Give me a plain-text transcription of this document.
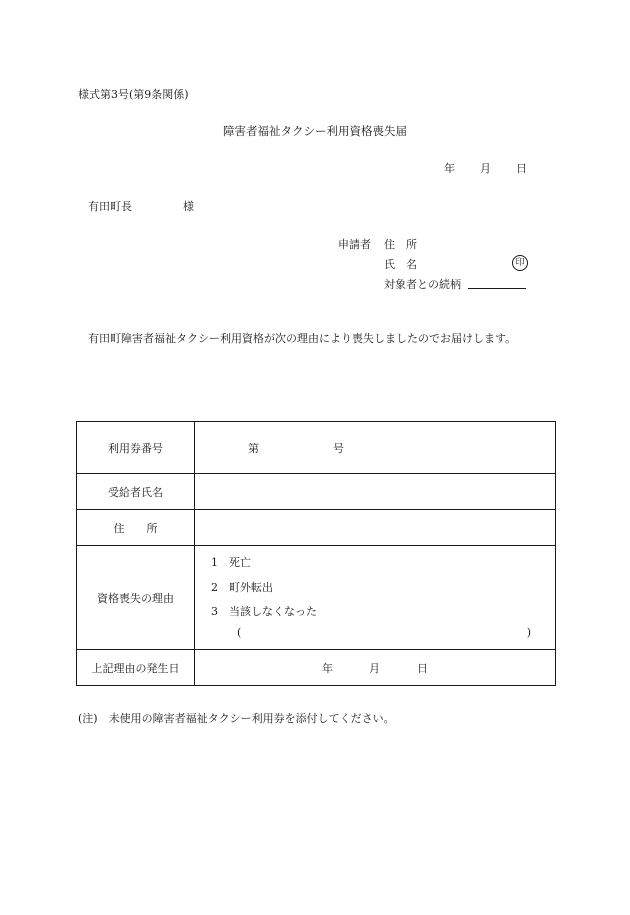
様式第3号(第9条関係)
障害者福祉タクシー利用資格喪失届
年 月 日
有田町長	様
申請者 住　所
氏　名	印
対象者との続柄
有田町障害者福祉タクシー利用資格が次の理由により喪失しましたのでお届けします。
利用券番号	第 号

受給者氏名	
住　　所	
資格喪失の理由	1　死亡
2　町外転出
3　当該しなくなった
( )

上記理由の発生日	年 月 日
(注)　未使用の障害者福祉タクシー利用券を添付してください。
